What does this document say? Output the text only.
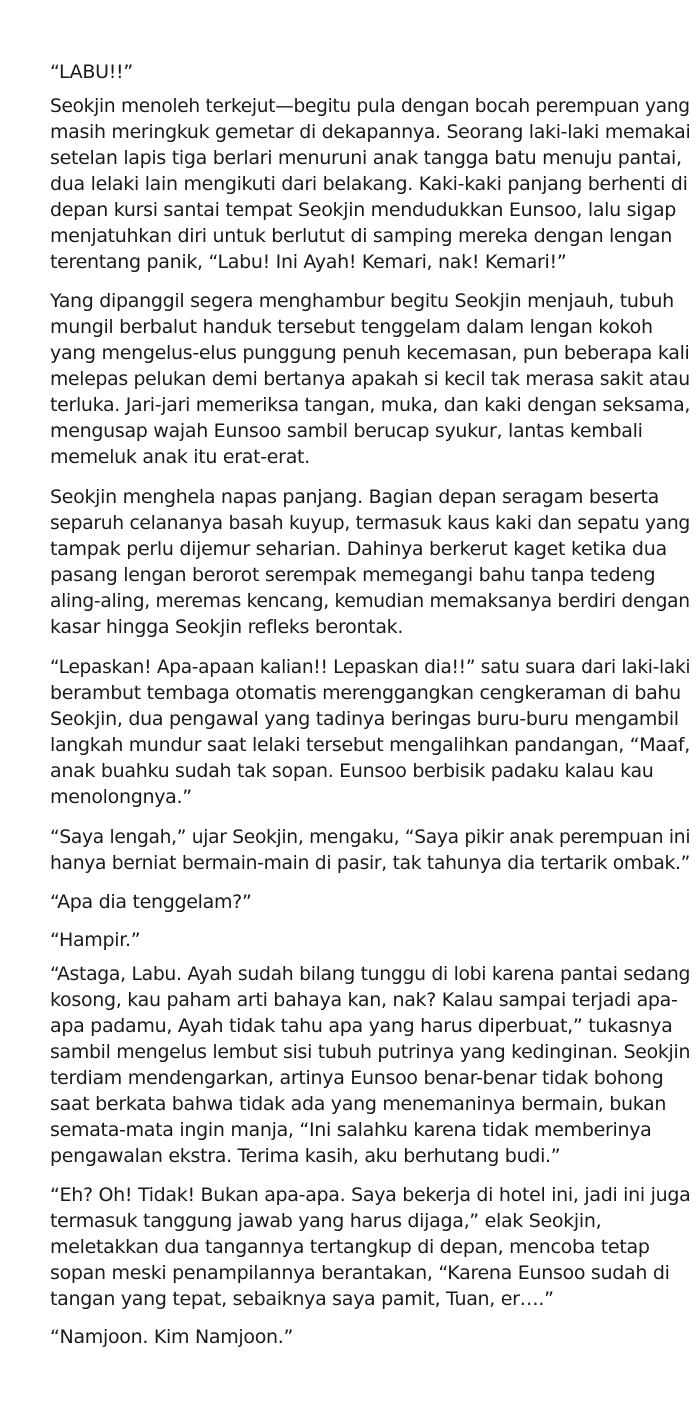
“LABU!!”
Seokjin menoleh terkejut—begitu pula dengan bocah perempuan yang
masih meringkuk gemetar di dekapannya. Seorang laki-laki memakai
setelan lapis tiga berlari menuruni anak tangga batu menuju pantai,
dua lelaki lain mengikuti dari belakang. Kaki-kaki panjang berhenti di
depan kursi santai tempat Seokjin mendudukkan Eunsoo, lalu sigap
menjatuhkan diri untuk berlutut di samping mereka dengan lengan
terentang panik, “Labu! Ini Ayah! Kemari, nak! Kemari!”
Yang dipanggil segera menghambur begitu Seokjin menjauh, tubuh
mungil berbalut handuk tersebut tenggelam dalam lengan kokoh
yang mengelus-elus punggung penuh kecemasan, pun beberapa kali
melepas pelukan demi bertanya apakah si kecil tak merasa sakit atau
terluka. Jari-jari memeriksa tangan, muka, dan kaki dengan seksama,
mengusap wajah Eunsoo sambil berucap syukur, lantas kembali
memeluk anak itu erat-erat.
Seokjin menghela napas panjang. Bagian depan seragam beserta
separuh celananya basah kuyup, termasuk kaus kaki dan sepatu yang
tampak perlu dijemur seharian. Dahinya berkerut kaget ketika dua
pasang lengan berorot serempak memegangi bahu tanpa tedeng
aling-aling, meremas kencang, kemudian memaksanya berdiri dengan
kasar hingga Seokjin refleks berontak.
“Lepaskan! Apa-apaan kalian!! Lepaskan dia!!” satu suara dari laki-laki
berambut tembaga otomatis merenggangkan cengkeraman di bahu
Seokjin, dua pengawal yang tadinya beringas buru-buru mengambil
langkah mundur saat lelaki tersebut mengalihkan pandangan, “Maaf,
anak buahku sudah tak sopan. Eunsoo berbisik padaku kalau kau
menolongnya.”
“Saya lengah,” ujar Seokjin, mengaku, “Saya pikir anak perempuan ini
hanya berniat bermain-main di pasir, tak tahunya dia tertarik ombak.”
“Apa dia tenggelam?”
“Hampir.”
“Astaga, Labu. Ayah sudah bilang tunggu di lobi karena pantai sedang
kosong, kau paham arti bahaya kan, nak? Kalau sampai terjadi apa-
apa padamu, Ayah tidak tahu apa yang harus diperbuat,” tukasnya
sambil mengelus lembut sisi tubuh putrinya yang kedinginan. Seokjin
terdiam mendengarkan, artinya Eunsoo benar-benar tidak bohong
saat berkata bahwa tidak ada yang menemaninya bermain, bukan
semata-mata ingin manja, “Ini salahku karena tidak memberinya
pengawalan ekstra. Terima kasih, aku berhutang budi.”
“Eh? Oh! Tidak! Bukan apa-apa. Saya bekerja di hotel ini, jadi ini juga
termasuk tanggung jawab yang harus dijaga,” elak Seokjin,
meletakkan dua tangannya tertangkup di depan, mencoba tetap
sopan meski penampilannya berantakan, “Karena Eunsoo sudah di
tangan yang tepat, sebaiknya saya pamit, Tuan, er….”
“Namjoon. Kim Namjoon.”
